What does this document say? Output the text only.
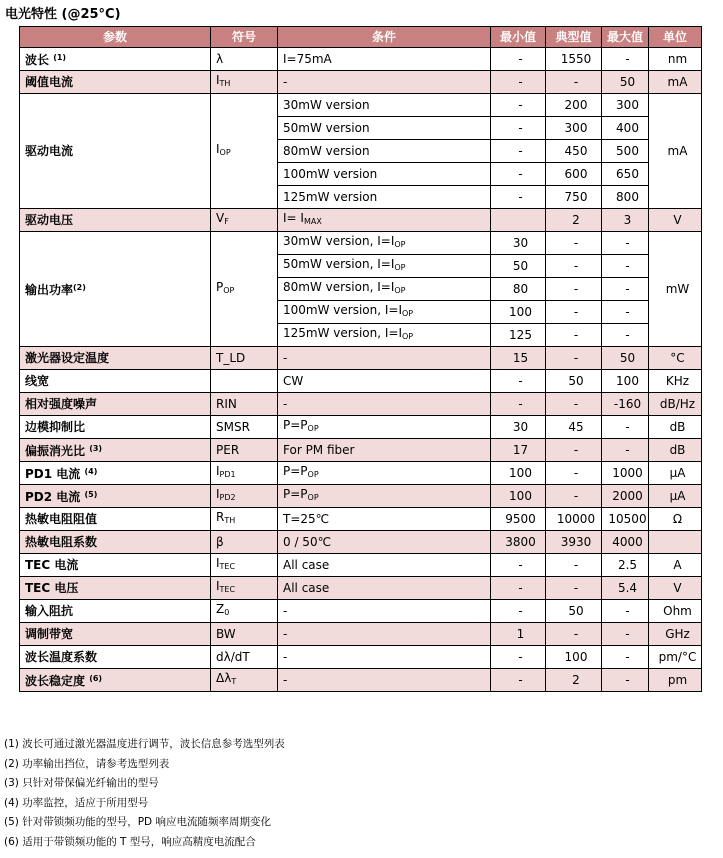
电光特性 (@25°C)
参数	符号	条件	最小值	典型值	最大值	单位
波长 $^{(1)}$	λ	I=75mA	-	1550	-	nm
阈值电流	$I_{TH}$	-	-	-	50	mA
驱动电流	$I_{OP}$	30mW version	-	200	300	mA
		50mW version	-	300	400	
		80mW version	-	450	500	
		100mW version	-	600	650	
		125mW version	-	750	800	
驱动电压	$V_F$	$I= I_{MAX}$		2	3	V
输出功率$^{(2)}$	$P_{OP}$	30mW version, $I=I_{OP}$	30	-	-	mW
		50mW version, $I=I_{OP}$	50	-	-	
		80mW version, $I=I_{OP}$	80	-	-	
		100mW version, $I=I_{OP}$	100	-	-	
		125mW version, $I=I_{OP}$	125	-	-	
激光器设定温度	T_LD	-	15	-	50	°C
线宽		CW	-	50	100	KHz
相对强度噪声	RIN	-	-	-	-160	dB/Hz
边模抑制比	SMSR	$P=P_{OP}$	30	45	-	dB
偏振消光比 $^{(3)}$	PER	For PM fiber	17	-	-	dB
PD1 电流 $^{(4)}$	$I_{PD1}$	$P=P_{OP}$	100	-	1000	μA
PD2 电流 $^{(5)}$	$I_{PD2}$	$P=P_{OP}$	100	-	2000	μA
热敏电阻阻值	$R_{TH}$	T=25℃	9500	10000	10500	Ω
热敏电阻系数	β	0 / 50℃	3800	3930	4000	
TEC 电流	$I_{TEC}$	All case	-	-	2.5	A
TEC 电压	$I_{TEC}$	All case	-	-	5.4	V
输入阻抗	$Z_0$	-	-	50	-	Ohm
调制带宽	BW	-	1	-	-	GHz
波长温度系数	dλ/dT	-	-	100	-	pm/°C
波长稳定度 $^{(6)}$	$\Delta\lambda_T$	-	-	2	-	pm
(1) 波长可通过激光器温度进行调节，波长信息参考选型列表
(2) 功率输出挡位，请参考选型列表
(3) 只针对带保偏光纤输出的型号
(4) 功率监控，适应于所用型号
(5) 针对带锁频功能的型号，PD 响应电流随频率周期变化
(6) 适用于带锁频功能的 T 型号，响应高精度电流配合
